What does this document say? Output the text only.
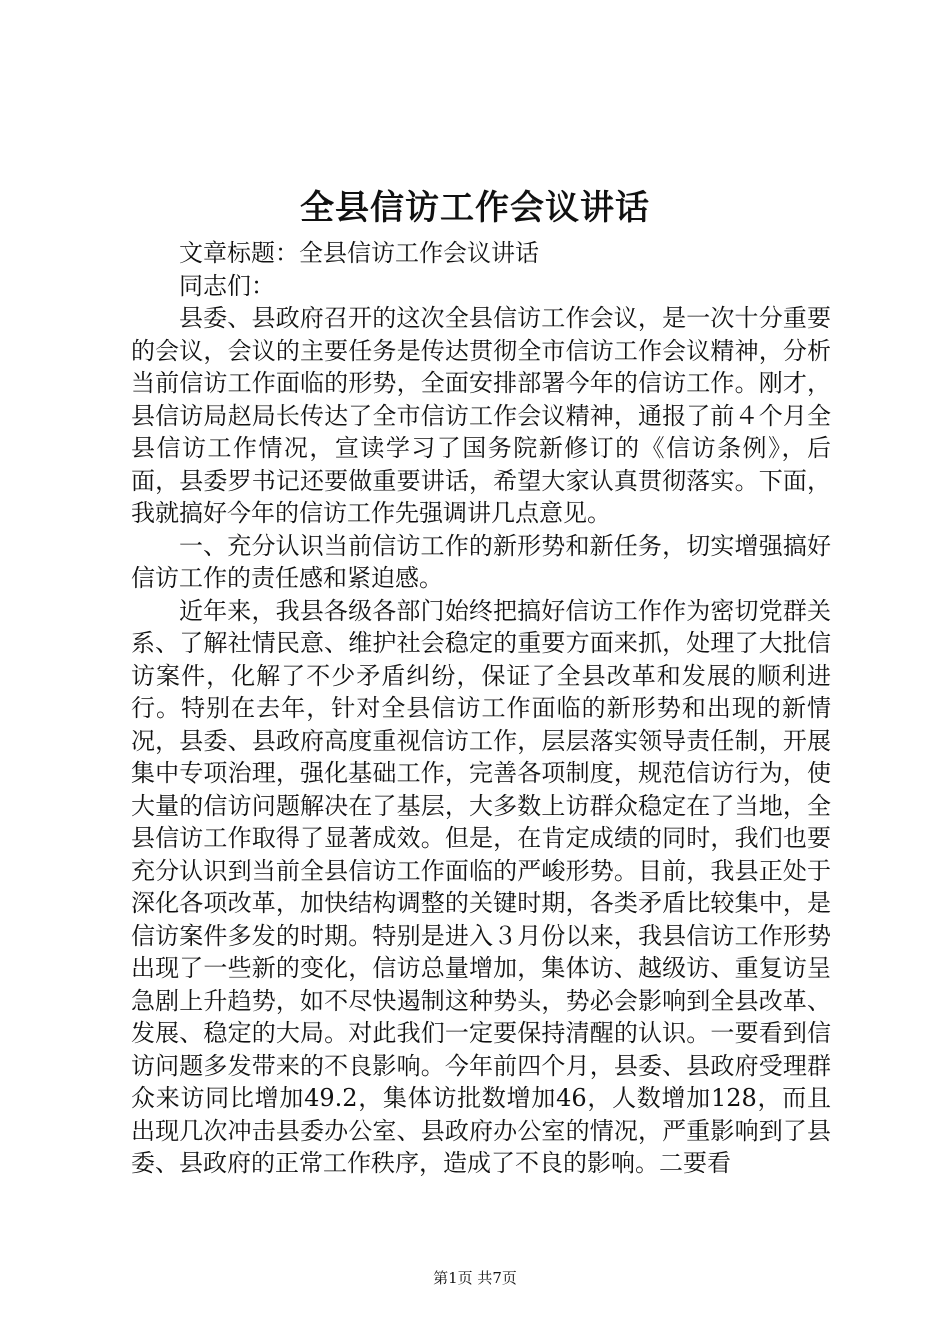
全县信访工作会议讲话

文章标题：全县信访工作会议讲话

同志们：

县委、县政府召开的这次全县信访工作会议，是一次十分重要的会议，会议的主要任务是传达贯彻全市信访工作会议精神，分析当前信访工作面临的形势，全面安排部署今年的信访工作。刚才，县信访局赵局长传达了全市信访工作会议精神，通报了前４个月全县信访工作情况，宣读学习了国务院新修订的《信访条例》，后面，县委罗书记还要做重要讲话，希望大家认真贯彻落实。下面，我就搞好今年的信访工作先强调讲几点意见。

一、充分认识当前信访工作的新形势和新任务，切实增强搞好信访工作的责任感和紧迫感。

近年来，我县各级各部门始终把搞好信访工作作为密切党群关系、了解社情民意、维护社会稳定的重要方面来抓，处理了大批信访案件，化解了不少矛盾纠纷，保证了全县改革和发展的顺利进行。特别在去年，针对全县信访工作面临的新形势和出现的新情况，县委、县政府高度重视信访工作，层层落实领导责任制，开展集中专项治理，强化基础工作，完善各项制度，规范信访行为，使大量的信访问题解决在了基层，大多数上访群众稳定在了当地，全县信访工作取得了显著成效。但是，在肯定成绩的同时，我们也要充分认识到当前全县信访工作面临的严峻形势。目前，我县正处于深化各项改革，加快结构调整的关键时期，各类矛盾比较集中，是信访案件多发的时期。特别是进入３月份以来，我县信访工作形势出现了一些新的变化，信访总量增加，集体访、越级访、重复访呈急剧上升趋势，如不尽快遏制这种势头，势必会影响到全县改革、发展、稳定的大局。对此我们一定要保持清醒的认识。一要看到信访问题多发带来的不良影响。今年前四个月，县委、县政府受理群众来访同比增加49.2，集体访批数增加46，人数增加128，而且出现几次冲击县委办公室、县政府办公室的情况，严重影响到了县委、县政府的正常工作秩序，造成了不良的影响。二要看

第1页 共7页
